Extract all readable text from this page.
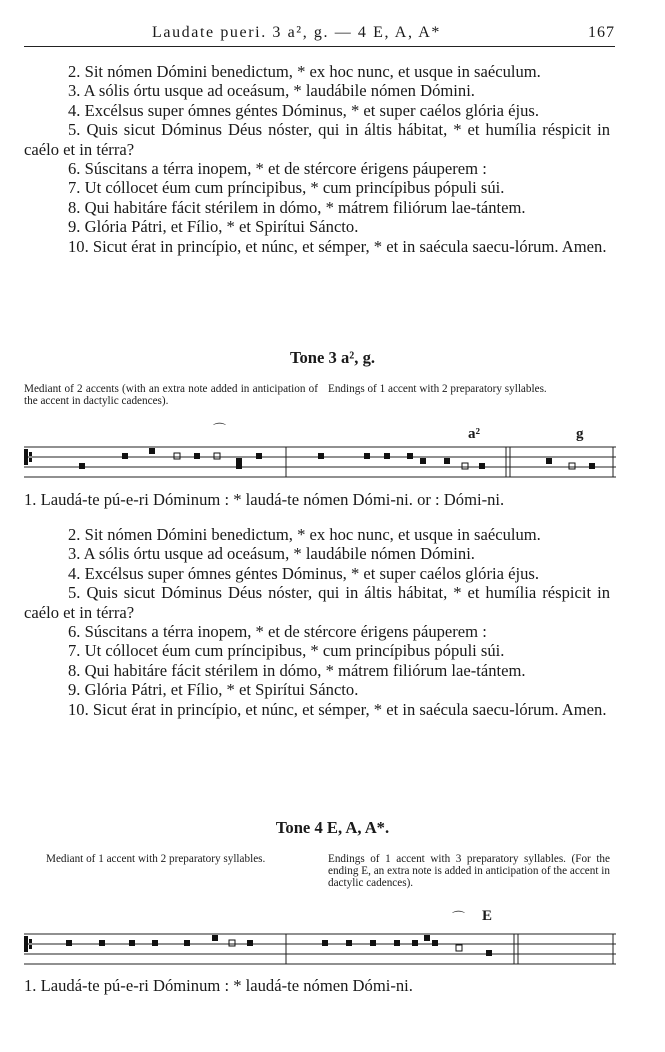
Laudate pueri. 3 a², g. — 4 E, A, A*	167

2. Sit nómen Dómini benedictum, * ex hoc nunc, et usque in saéculum.

3. A sólis órtu usque ad oceásum, * laudábile nómen Dómini.

4. Excélsus super ómnes géntes Dóminus, * et super caélos glória éjus.

5. Quis sicut Dóminus Déus nóster, qui in áltis hábitat, * et humília réspicit in caélo et in térra?

6. Súscitans a térra inopem, * et de stércore érigens páuperem :

7. Ut cóllocet éum cum príncipibus, * cum princípibus pópuli súi.

8. Qui habitáre fácit stérilem in dómo, * mátrem filiórum lae-tántem.

9. Glória Pátri, et Fílio, * et Spirítui Sáncto.

10. Sicut érat in princípio, et núnc, et sémper, * et in saécula saecu-lórum. Amen.

Tone 3 a², g.
Mediant of 2 accents (with an extra note added in anticipation of the accent in dactylic cadences).
Endings of 1 accent with 2 preparatory syllables.
⌒	a²	g

1. Laudá-te pú-e-ri Dóminum : * laudá-te nómen Dómi-ni. or : Dómi-ni.

2. Sit nómen Dómini benedictum, * ex hoc nunc, et usque in saéculum.

3. A sólis órtu usque ad oceásum, * laudábile nómen Dómini.

4. Excélsus super ómnes géntes Dóminus, * et super caélos glória éjus.

5. Quis sicut Dóminus Déus nóster, qui in áltis hábitat, * et humília réspicit in caélo et in térra?

6. Súscitans a térra inopem, * et de stércore érigens páuperem :

7. Ut cóllocet éum cum príncipibus, * cum princípibus pópuli súi.

8. Qui habitáre fácit stérilem in dómo, * mátrem filiórum lae-tántem.

9. Glória Pátri, et Fílio, * et Spirítui Sáncto.

10. Sicut érat in princípio, et núnc, et sémper, * et in saécula saecu-lórum. Amen.

Tone 4 E, A, A*.
Mediant of 1 accent with 2 preparatory syllables.	Endings of 1 accent with 3 preparatory syllables. (For the ending E, an extra note is added in anticipation of the accent in dactylic cadences).
⌒ E

1. Laudá-te pú-e-ri Dóminum : * laudá-te nómen Dómi-ni.
